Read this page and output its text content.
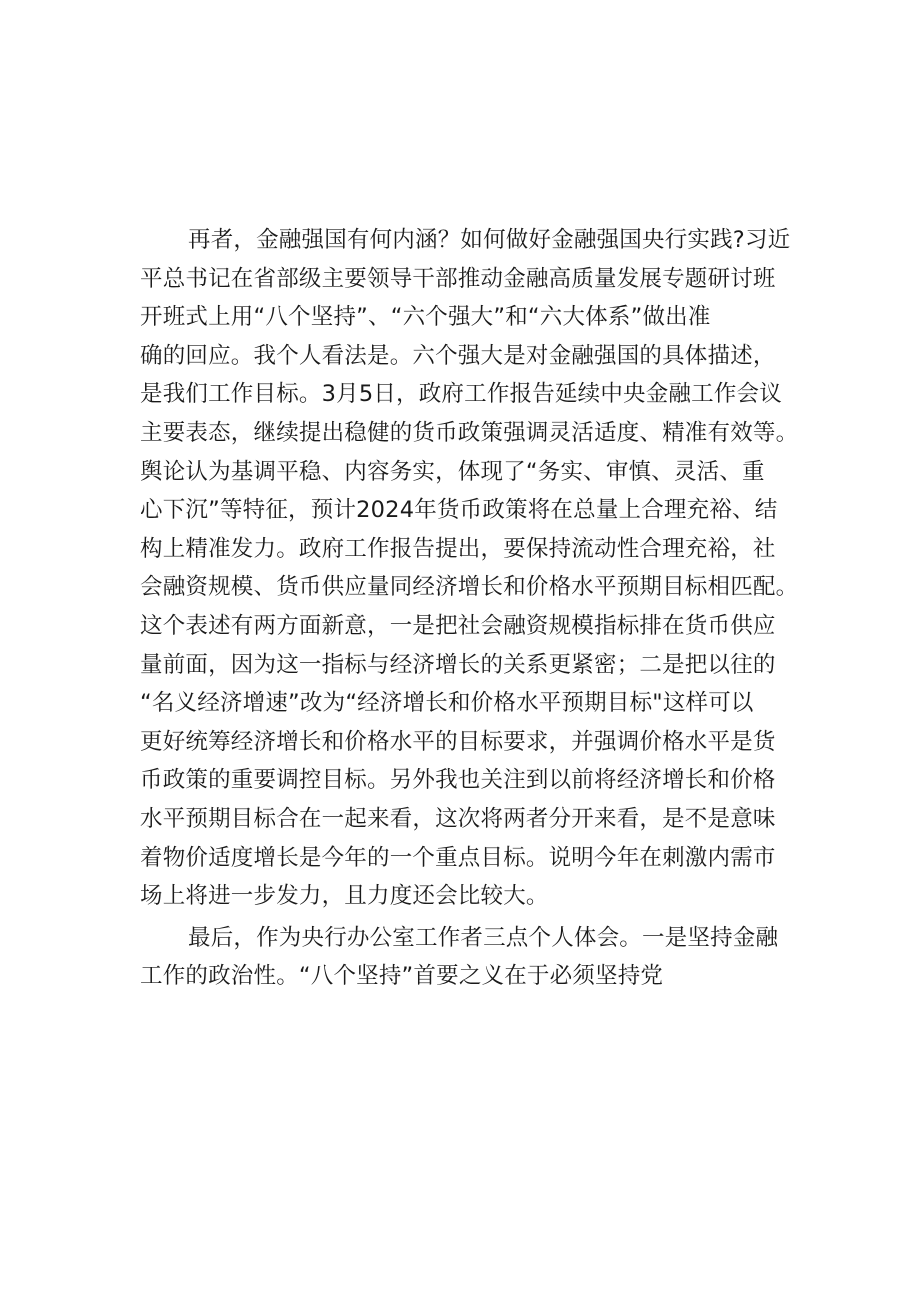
再者，金融强国有何内涵？如何做好金融强国央行实践?习近
平总书记在省部级主要领导干部推动金融高质量发展专题研讨班
开班式上用“八个坚持”、“六个强大”和“六大体系”做出准
确的回应。我个人看法是。六个强大是对金融强国的具体描述，
是我们工作目标。3月5日，政府工作报告延续中央金融工作会议
主要表态，继续提出稳健的货币政策强调灵活适度、精准有效等。
舆论认为基调平稳、内容务实，体现了“务实、审慎、灵活、重
心下沉”等特征，预计2024年货币政策将在总量上合理充裕、结
构上精准发力。政府工作报告提出，要保持流动性合理充裕，社
会融资规模、货币供应量同经济增长和价格水平预期目标相匹配。
这个表述有两方面新意，一是把社会融资规模指标排在货币供应
量前面，因为这一指标与经济增长的关系更紧密；二是把以往的
“名义经济增速”改为“经济增长和价格水平预期目标"这样可以
更好统筹经济增长和价格水平的目标要求，并强调价格水平是货
币政策的重要调控目标。另外我也关注到以前将经济增长和价格
水平预期目标合在一起来看，这次将两者分开来看，是不是意味
着物价适度增长是今年的一个重点目标。说明今年在刺激内需市
场上将进一步发力，且力度还会比较大。
最后，作为央行办公室工作者三点个人体会。一是坚持金融
工作的政治性。“八个坚持”首要之义在于必须坚持党
